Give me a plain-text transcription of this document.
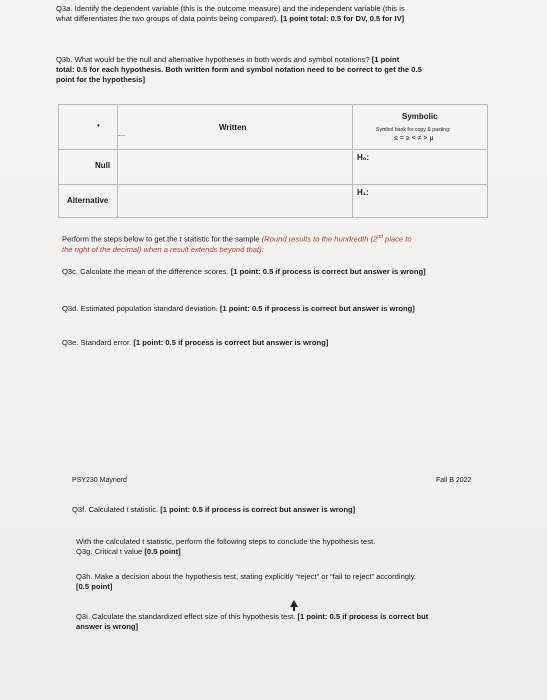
Q3a. Identify the dependent variable (this is the outcome measure) and the independent variable (this is
what differentiates the two groups of data points being compared). [1 point total: 0.5 for DV, 0.5 for IV]
Q3b. What would be the null and alternative hypotheses in both words and symbol notations? [1 point
total: 0.5 for each hypothesis. Both written form and symbol notation need to be correct to get the 0.5
point for the hypothesis]
•	Written
Symbolic
Symbol bank for copy & pasting:
≤ = ≥ < ≠ > μ
Null
H₀:
Alternative
H₁:
Perform the steps below to get the t statistic for the sample (Round results to the hundredth (2nd place to
the right of the decimal) when a result extends beyond that):
Q3c. Calculate the mean of the difference scores. [1 point: 0.5 if process is correct but answer is wrong]
Q3d. Estimated population standard deviation. [1 point: 0.5 if process is correct but answer is wrong]
Q3e. Standard error. [1 point: 0.5 if process is correct but answer is wrong]
PSY230 Maynord	Fall B 2022
Q3f. Calculated t statistic. [1 point: 0.5 if process is correct but answer is wrong]
With the calculated t statistic, perform the following steps to conclude the hypothesis test.
Q3g. Critical t value [0.5 point]
Q3h. Make a decision about the hypothesis test, stating explicitly “reject” or “fail to reject” accordingly.
[0.5 point]
Q3i. Calculate the standardized effect size of this hypothesis test. [1 point: 0.5 if process is correct but
answer is wrong]
